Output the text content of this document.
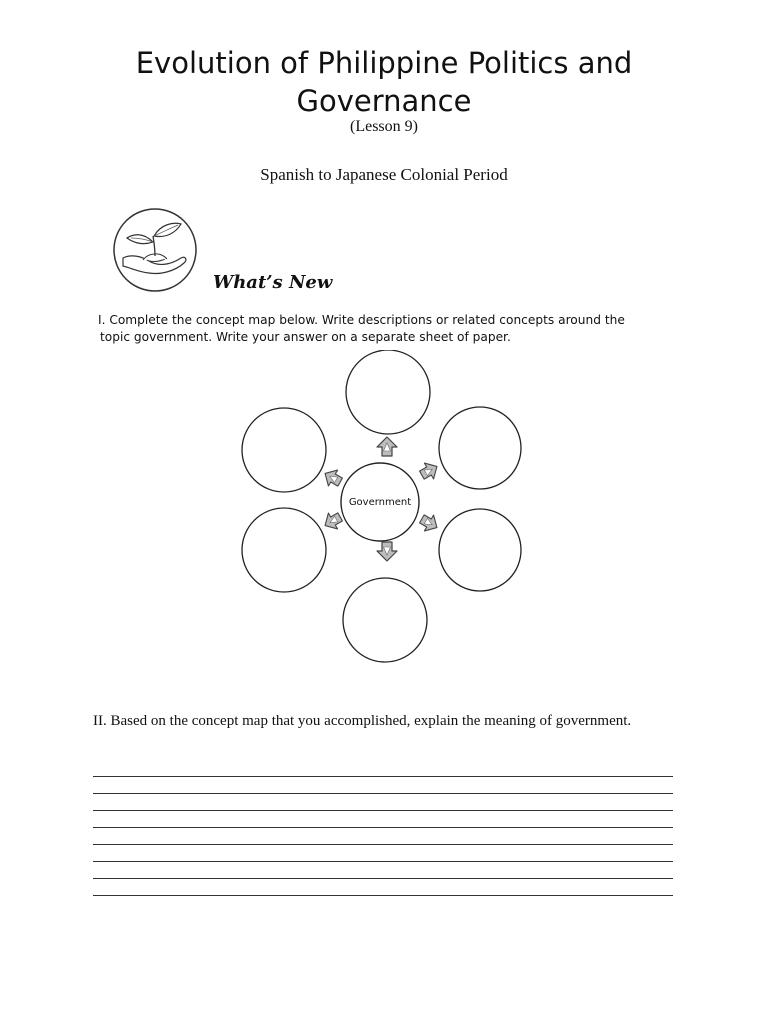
Evolution of Philippine Politics and
Governance
(Lesson 9)
Spanish to Japanese Colonial Period
What’s New
I. Complete the concept map below. Write descriptions or related concepts around the
topic government. Write your answer on a separate sheet of paper.
Government
II. Based on the concept map that you accomplished, explain the meaning of government.
